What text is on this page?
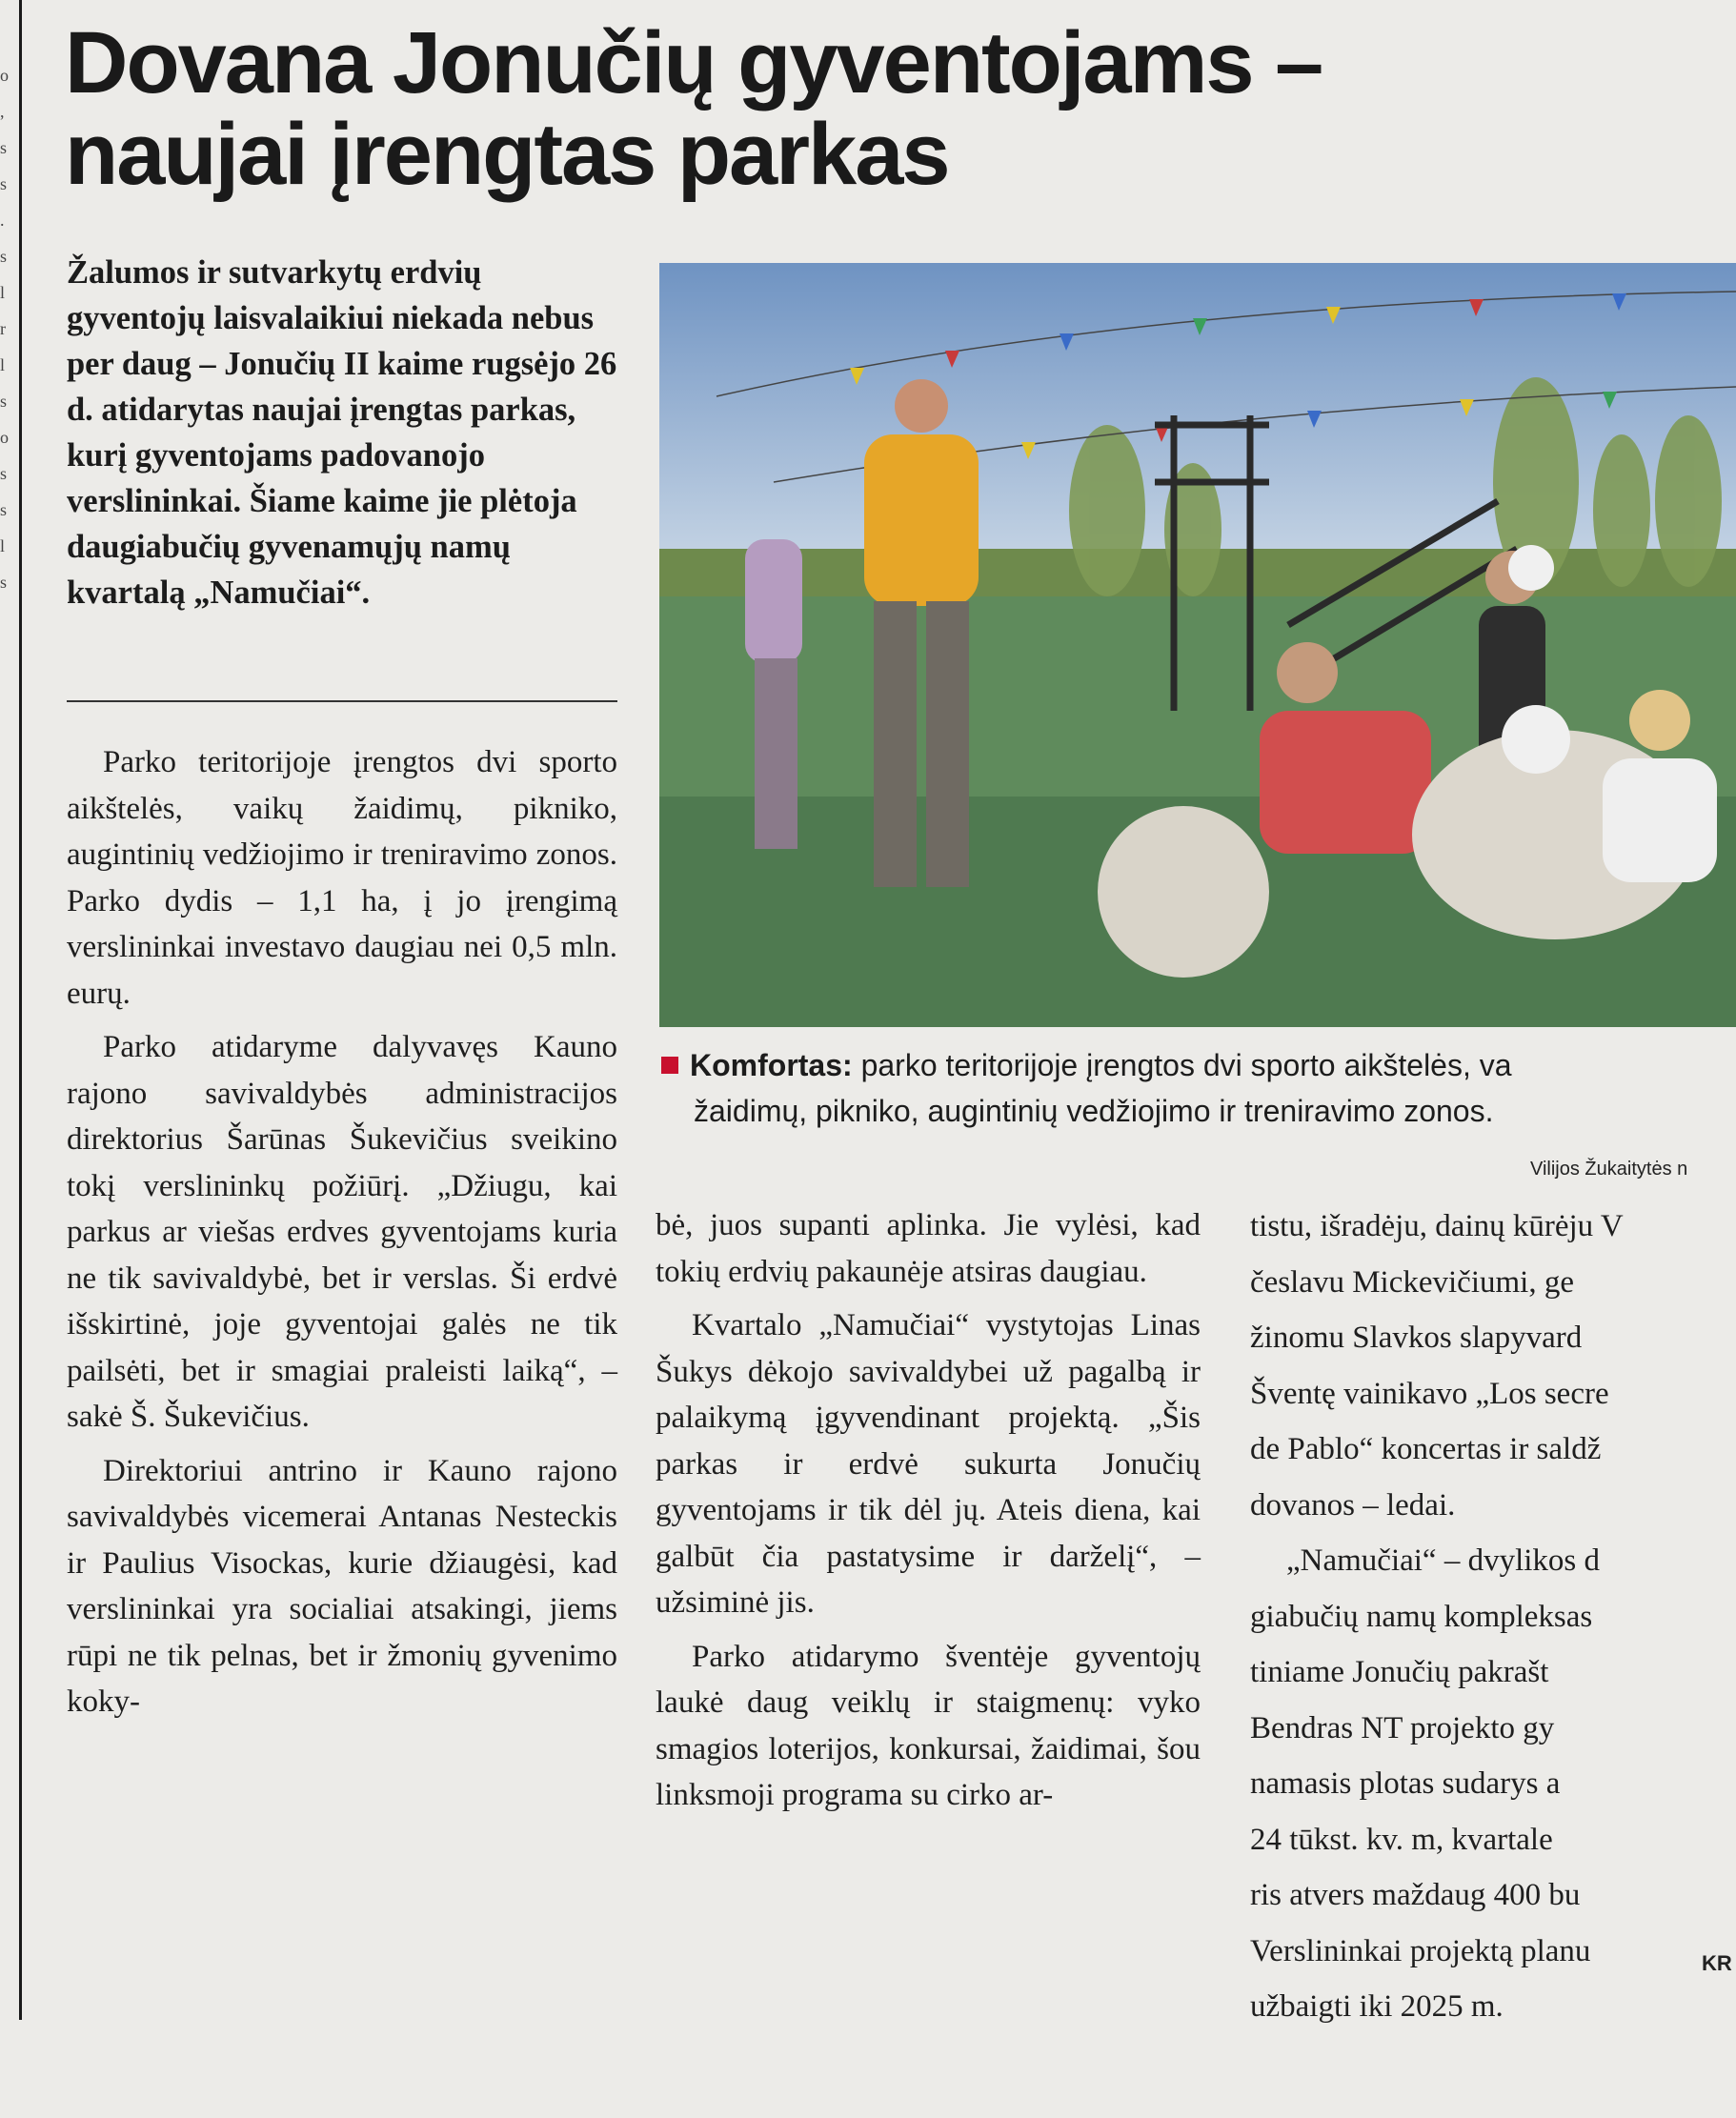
o
,
s
s
.
s
l
r
l
s
o
s
s
l
s
Dovana Jonučių gyventojams –
naujai įrengtas parkas
Žalumos ir sutvarkytų erdvių gyventojų laisvalaikiui niekada nebus per daug – Jonučių II kaime rugsėjo 26 d. atidarytas naujai įrengtas parkas, kurį gyventojams padovanojo verslininkai. Šiame kaime jie plėtoja daugiabučių gyvenamųjų namų kvartalą „Namučiai“.

Parko teritorijoje įrengtos dvi sporto aikštelės, vaikų žaidimų, pikniko, augintinių vedžiojimo ir treniravimo zonos. Parko dydis – 1,1 ha, į jo įrengimą verslininkai investavo daugiau nei 0,5 mln. eurų.

Parko atidaryme dalyvavęs Kauno rajono savivaldybės administracijos direktorius Šarūnas Šukevičius sveikino tokį verslininkų požiūrį. „Džiugu, kai parkus ar viešas erdves gyventojams kuria ne tik savivaldybė, bet ir verslas. Ši erdvė išskirtinė, joje gyventojai galės ne tik pailsėti, bet ir smagiai praleisti laiką“, – sakė Š. Šukevičius.

Direktoriui antrino ir Kauno rajono savivaldybės vicemerai Antanas Nesteckis ir Paulius Visockas, kurie džiaugėsi, kad verslininkai yra socialiai atsakingi, jiems rūpi ne tik pelnas, bet ir žmonių gyvenimo koky-

Komfortas: parko teritorijoje įrengtos dvi sporto aikštelės, va
žaidimų, pikniko, augintinių vedžiojimo ir treniravimo zonos.
Vilijos Žukaitytės n

bė, juos supanti aplinka. Jie vylėsi, kad tokių erdvių pakaunėje atsiras daugiau.

Kvartalo „Namučiai“ vystytojas Linas Šukys dėkojo savivaldybei už pagalbą ir palaikymą įgyvendinant projektą. „Šis parkas ir erdvė sukurta Jonučių gyventojams ir tik dėl jų. Ateis diena, kai galbūt čia pastatysime ir darželį“, – užsiminė jis.

Parko atidarymo šventėje gyventojų laukė daug veiklų ir staigmenų: vyko smagios loterijos, konkursai, žaidimai, šou linksmoji programa su cirko ar-

tistu, išradėju, dainų kūrėju V

česlavu Mickevičiumi, ge

žinomu Slavkos slapyvard

Šventę vainikavo „Los secre

de Pablo“ koncertas ir saldž

dovanos – ledai.

„Namučiai“ – dvylikos d

giabučių namų kompleksas

tiniame Jonučių pakrašt

Bendras NT projekto gy

namasis plotas sudarys a

24 tūkst. kv. m, kvartale

ris atvers maždaug 400 bu

Verslininkai projektą planu

užbaigti iki 2025 m.

KR
